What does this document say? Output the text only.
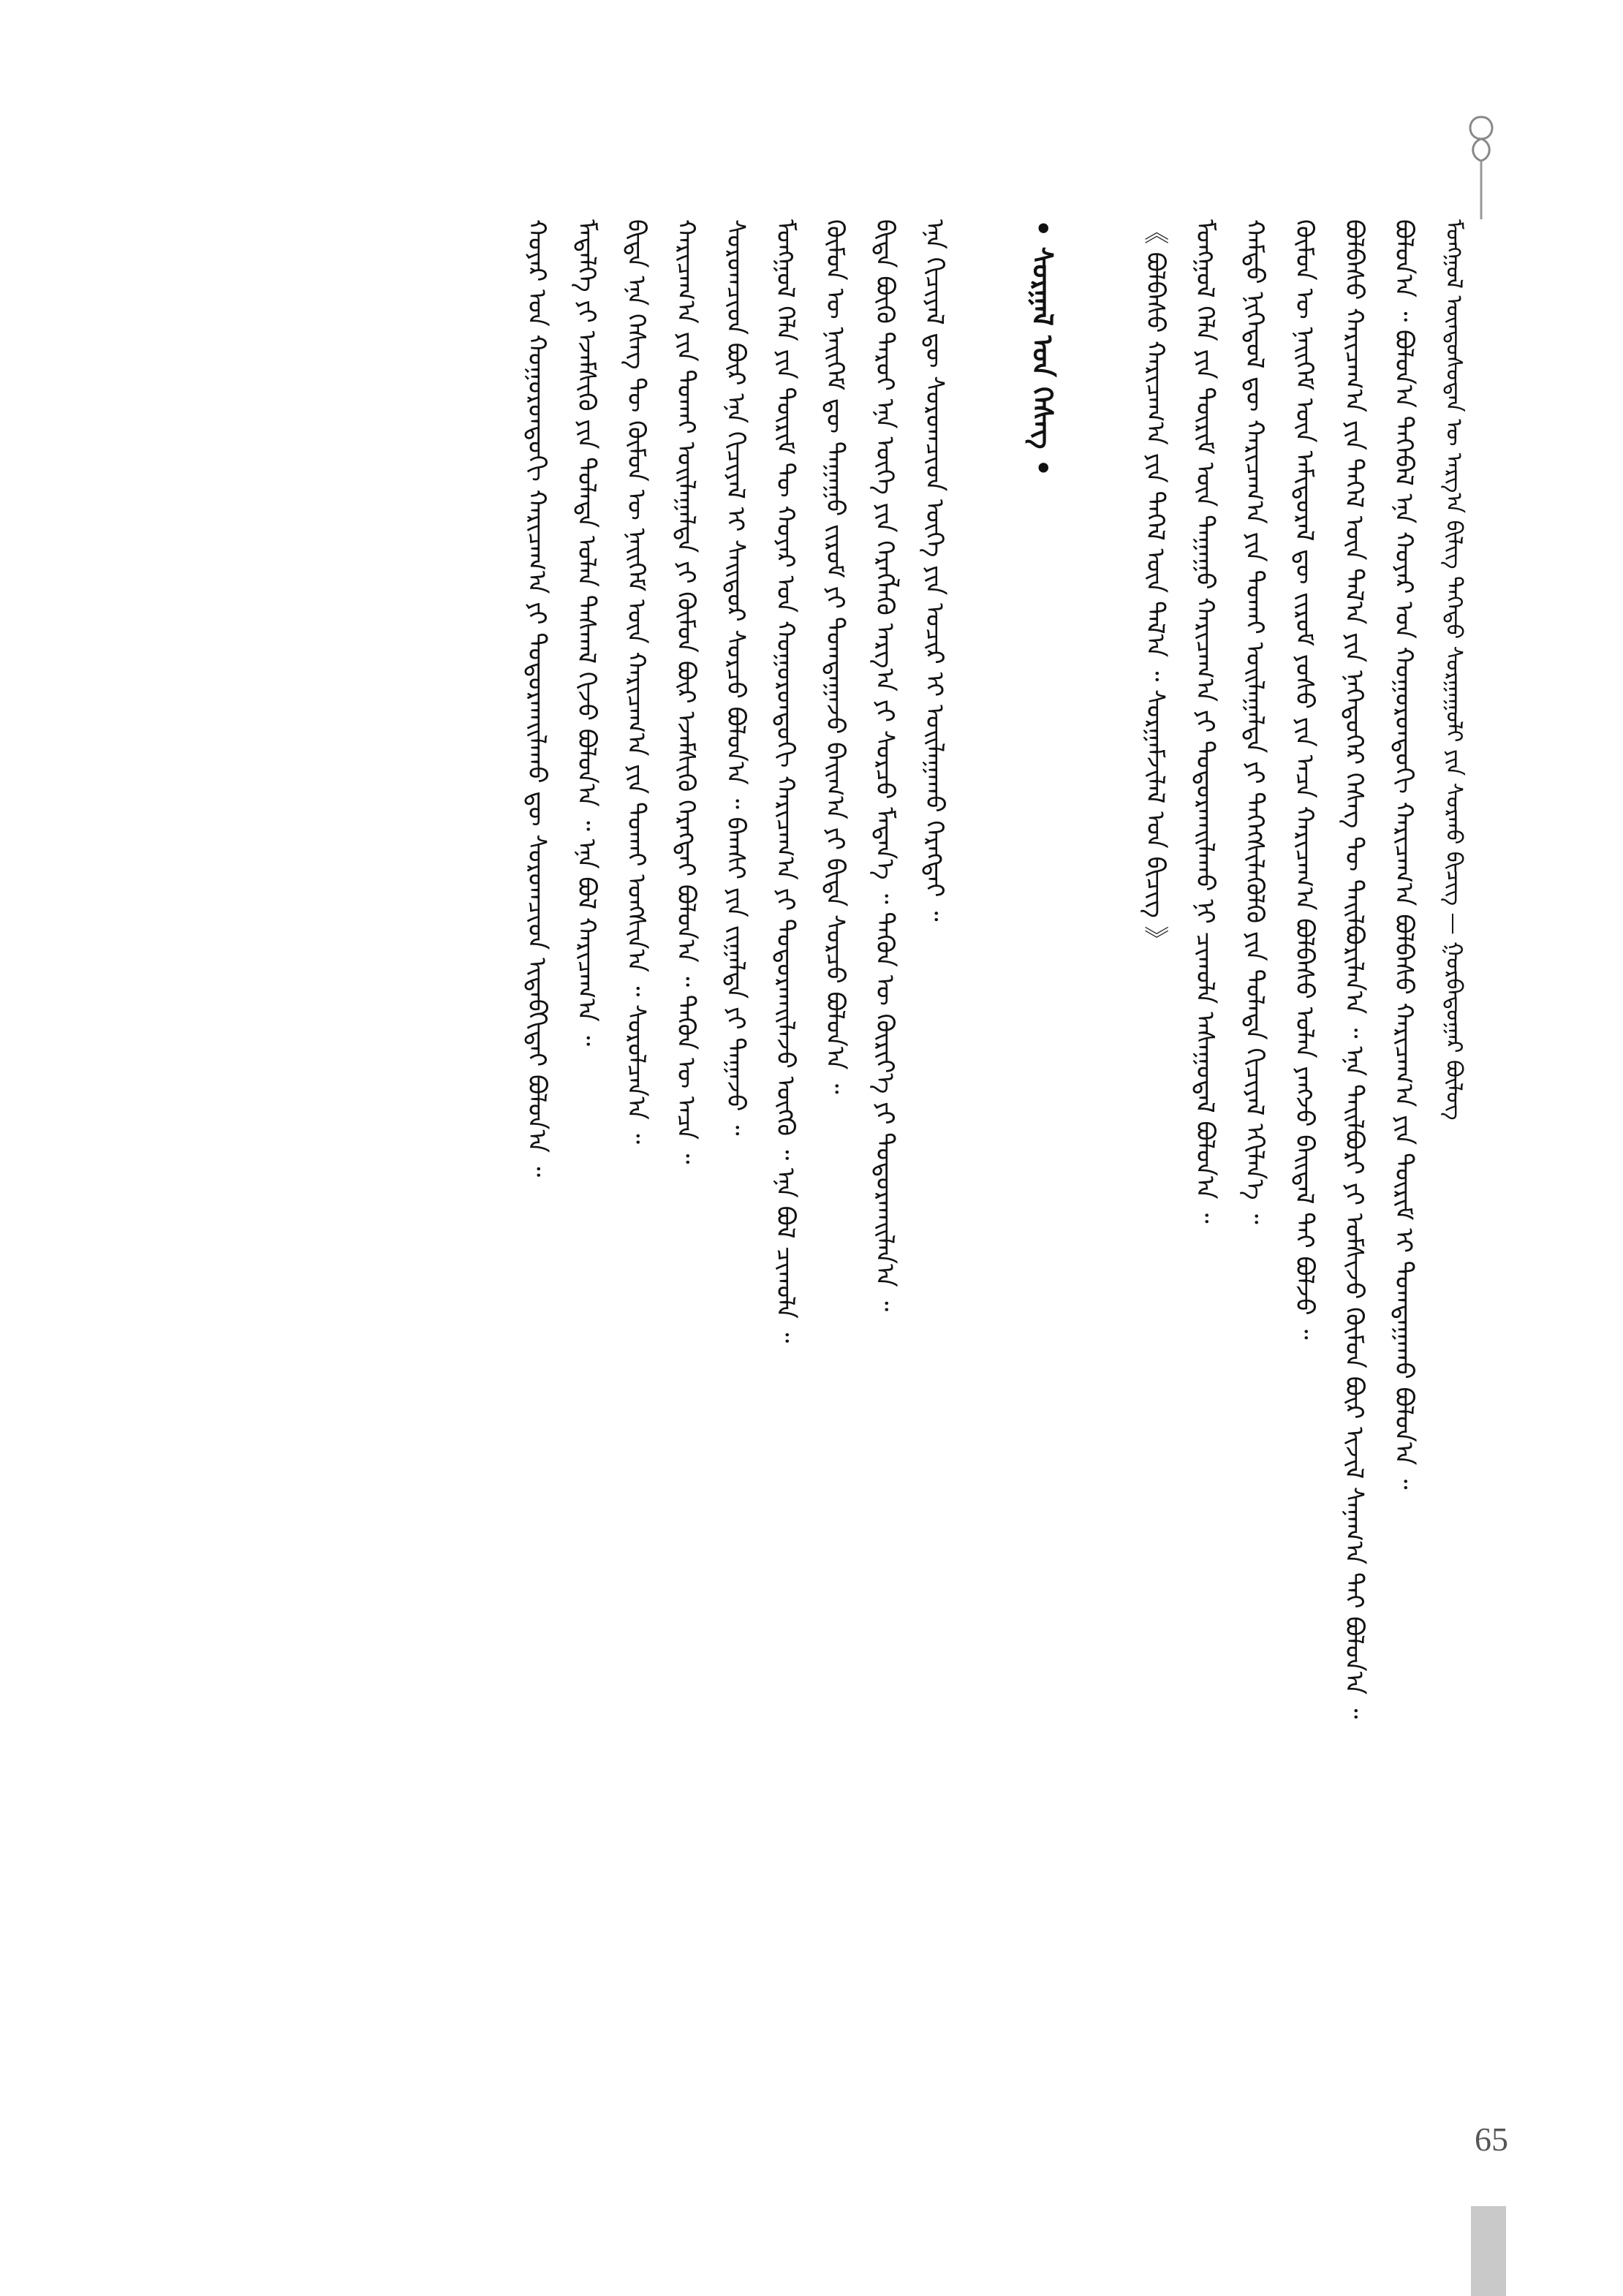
ᠮᠣᠩᠭᠣᠯ ᠦᠨᠳᠦᠰᠦᠲᠡᠨ ᠦ ᠠᠷᠭ᠎ᠠ ᠪᠢᠯᠢᠭ᠌ ᠳᠡᠭᠡᠳᠦ ᠰᠤᠷᠭᠠᠭᠤᠯᠢ ᠶᠢᠨ ᠰᠤᠷᠬᠤ ᠪᠢᠴᠢᠭ᠌ — ᠭᠤᠷᠪᠠᠳᠤᠭᠠᠷ ᠪᠦᠯᠦᠭ
ᠪᠣᠯᠣᠨ᠎ᠠ ᠃ ᠪᠣᠯᠣᠨ᠎ᠠ ᠲᠡᠭᠡᠪᠡᠯ ᠡᠨᠡ ᠬᠣᠶᠠᠷ ᠤᠨ ᠬᠣᠭᠣᠷᠣᠨᠳᠣᠬᠢ ᠬᠠᠷᠢᠴᠠᠭ᠎ᠠ ᠪᠣᠯᠪᠠᠰᠤ ᠬᠠᠷᠢᠴᠠᠭ᠎ᠠ ᠶᠢᠨ ᠳᠦᠷᠢᠮ ᠢ ᠲᠣᠭᠲᠠᠭᠠᠬᠤ ᠪᠣᠯᠣᠨ᠎ᠠ ᠃
ᠪᠣᠯᠪᠠᠰᠤ ᠬᠠᠷᠢᠴᠠᠭ᠎ᠠ ᠶᠢᠨ ᠲᠡᠭᠡᠯ ᠦᠨ ᠲᠠᠯ᠎ᠠ ᠶᠢᠨ ᠨᠡᠭᠡᠳᠦᠭᠡᠷ ᠬᠡᠰᠡᠭ ᠲᠦ ᠲᠠᠢᠯᠪᠤᠷᠢᠯᠠᠨ᠎ᠠ ᠃ ᠡᠨᠡ ᠲᠠᠢᠯᠪᠤᠷᠢ ᠶᠢ ᠤᠮᠰᠢᠵᠤ ᠬᠦᠮᠦᠨ ᠪᠦᠷ ᠢᠵᠢᠯ ᠰᠠᠨᠠᠭ᠎ᠠ ᠲᠠᠢ ᠪᠣᠯᠣᠨ᠎ᠠ ᠃
ᠬᠦᠮᠦᠨ ᠦ ᠨᠡᠢᠭᠡᠮ ᠦᠨ ᠠᠮᠢᠳᠤᠷᠠᠯ ᠳᠦ ᠵᠢᠷᠤᠮ ᠶᠣᠰᠣ ᠶᠢᠨ ᠠᠴᠠ ᠬᠠᠷᠢᠴᠠᠭ᠎ᠠ ᠪᠣᠯᠪᠠᠰᠤ ᠣᠯᠠᠨ ᠶᠠᠩᠵᠤ ᠪᠠᠢᠳᠠᠯ ᠲᠠᠢ ᠪᠣᠯᠵᠤ ᠃
ᠬᠠᠮᠲᠤ ᠨᠢᠭᠡᠳᠦᠯ ᠳᠦ ᠬᠠᠷᠢᠴᠠᠭ᠎ᠠ ᠶᠢᠨ ᠲᠤᠬᠠᠢ ᠣᠢᠯᠠᠭᠠᠯᠲᠠ ᠶᠢ ᠳᠡᠭᠡᠭᠰᠢᠯᠡᠭᠦᠯᠬᠦ ᠶᠢᠨ ᠲᠤᠯᠠᠳᠠ ᠬᠢᠴᠢᠶᠡᠯ ᠡᠬᠢᠯᠡᠨ᠎ᠡ ᠃
ᠮᠣᠩᠭᠣᠯ ᠬᠡᠯᠡ ᠶᠢᠨ ᠳᠦᠷᠢᠮ ᠦᠨ ᠳᠠᠭᠠᠭᠤ ᠬᠠᠷᠢᠴᠠᠭ᠎ᠠ ᠶᠢ ᠲᠣᠳᠣᠷᠬᠠᠢᠯᠠᠬᠤ ᠨᠢ ᠴᠢᠬᠤᠯᠠ ᠠᠰᠠᠭᠤᠳᠠᠯ ᠪᠣᠯᠣᠨ᠎ᠠ ᠃
《 ᠪᠣᠯᠪᠠᠰᠤ ᠬᠠᠷᠢᠴᠠᠭ᠎ᠠ ᠶᠢᠨ ᠲᠡᠭᠡᠯ ᠦᠨ ᠲᠠᠯ᠎ᠠ ᠃ ᠰᠤᠷᠭᠠᠮᠵᠢᠯᠠᠯ ᠤᠨ ᠪᠢᠴᠢᠭ᠌ 》
• ᠰᠤᠷᠭᠠᠯ ᠤᠨ ᠬᠡᠰᠡᠭ •
ᠡᠨᠡ ᠬᠢᠴᠢᠶᠡᠯ ᠳᠦ ᠰᠤᠷᠤᠭᠴᠢᠳ ᠦᠭᠡ ᠶᠢᠨ ᠤᠴᠢᠷ ᠢ ᠣᠢᠯᠠᠭᠠᠬᠤ ᠬᠡᠷᠡᠭᠲᠡᠶ ᠃
ᠪᠢᠳᠡ ᠪᠦᠬᠦ ᠳᠠᠷᠤᠢ ᠡᠨᠡ ᠦᠭᠡ ᠶᠢᠨ ᠬᠡᠷᠡᠭᠯᠡᠬᠦ ᠠᠷᠭ᠎ᠠ ᠶᠢ ᠰᠤᠷᠴᠤ ᠮᠡᠳᠡᠨ᠎ᠡ ᠃ ᠲᠡᠭᠦᠨ ᠦ ᠬᠦᠷᠢᠶ᠎ᠡ ᠶᠢ ᠲᠣᠳᠣᠷᠬᠠᠢᠯᠠᠨ᠎ᠠ ᠃
ᠬᠦᠮᠦᠨ ᠦ ᠨᠡᠢᠭᠡᠮ ᠳᠦ ᠳᠠᠭᠠᠭᠤ ᠵᠢᠷᠤᠮ ᠶᠢ ᠲᠣᠭᠲᠠᠭᠠᠵᠤ ᠪᠠᠢᠭ᠎ᠠ ᠶᠢ ᠪᠢᠳᠡ ᠰᠤᠷᠴᠤ ᠪᠣᠯᠣᠨ᠎ᠠ ᠃
ᠮᠣᠩᠭᠣᠯ ᠬᠡᠯᠡ ᠶᠢᠨ ᠳᠦᠷᠢᠮ ᠲᠦ ᠬᠣᠶᠠᠷ ᠤᠨ ᠬᠣᠭᠣᠷᠣᠨᠳᠣᠬᠢ ᠬᠠᠷᠢᠴᠠᠭ᠎ᠠ ᠶᠢ ᠲᠣᠳᠣᠷᠬᠠᠢᠯᠠᠵᠤ ᠦᠭᠬᠦ ᠃ ᠡᠨᠡ ᠪᠣᠯ ᠴᠢᠬᠤᠯᠠ ᠃
ᠰᠤᠷᠤᠭᠴᠢᠳ ᠪᠦᠷ ᠡᠨᠡ ᠬᠢᠴᠢᠶᠡᠯ ᠢ ᠰᠠᠢᠲᠤᠷ ᠰᠤᠷᠴᠤ ᠪᠣᠯᠣᠨ᠎ᠠ ᠃ ᠪᠠᠭᠰᠢ ᠶᠢᠨ ᠵᠢᠭᠠᠯᠲᠠ ᠶᠢ ᠳᠠᠭᠠᠵᠤ ᠃
ᠬᠠᠷᠢᠴᠠᠭ᠎ᠠ ᠶᠢᠨ ᠲᠤᠬᠠᠢ ᠣᠢᠯᠠᠭᠠᠯᠲᠠ ᠶᠢ ᠬᠦᠮᠦᠨ ᠪᠦᠷ ᠡᠵᠡᠮᠰᠢᠬᠦ ᠬᠡᠷᠡᠭᠲᠡᠢ ᠪᠣᠯᠣᠨ᠎ᠠ ᠃ ᠲᠡᠭᠦᠨ ᠦ ᠠᠴᠠ ᠃
ᠪᠢᠳᠡ ᠡᠨᠡ ᠬᠡᠰᠡᠭ ᠲᠦ ᠬᠦᠮᠦᠨ ᠦ ᠨᠡᠢᠭᠡᠮ ᠦᠨ ᠬᠠᠷᠢᠴᠠᠭ᠎ᠠ ᠶᠢᠨ ᠲᠤᠬᠠᠢ ᠤᠩᠰᠢᠨ᠎ᠠ ᠃ ᠰᠤᠷᠤᠯᠴᠠᠨ᠎ᠠ ᠃
ᠮᠡᠳᠡᠯᠭᠡ ᠶᠢ ᠡᠵᠡᠮᠰᠢᠬᠦ ᠶᠢᠨ ᠲᠤᠯᠠᠳᠠ ᠣᠯᠠᠨ ᠳᠠᠰᠬᠠᠯ ᠬᠢᠵᠦ ᠪᠣᠯᠣᠨ᠎ᠠ ᠃ ᠡᠨᠡ ᠪᠣᠯ ᠬᠠᠷᠢᠴᠠᠭ᠎ᠠ ᠃
ᠬᠣᠶᠠᠷ ᠤᠨ ᠬᠣᠭᠣᠷᠣᠨᠳᠣᠬᠢ ᠬᠠᠷᠢᠴᠠᠭ᠎ᠠ ᠶᠢ ᠲᠣᠳᠣᠷᠬᠠᠢᠯᠠᠬᠤ ᠳᠦ ᠰᠤᠷᠤᠭᠴᠢᠳ ᠢᠳᠡᠪᠬᠢᠲᠡᠢ ᠪᠣᠯᠣᠨ᠎ᠠ ᠃
65
